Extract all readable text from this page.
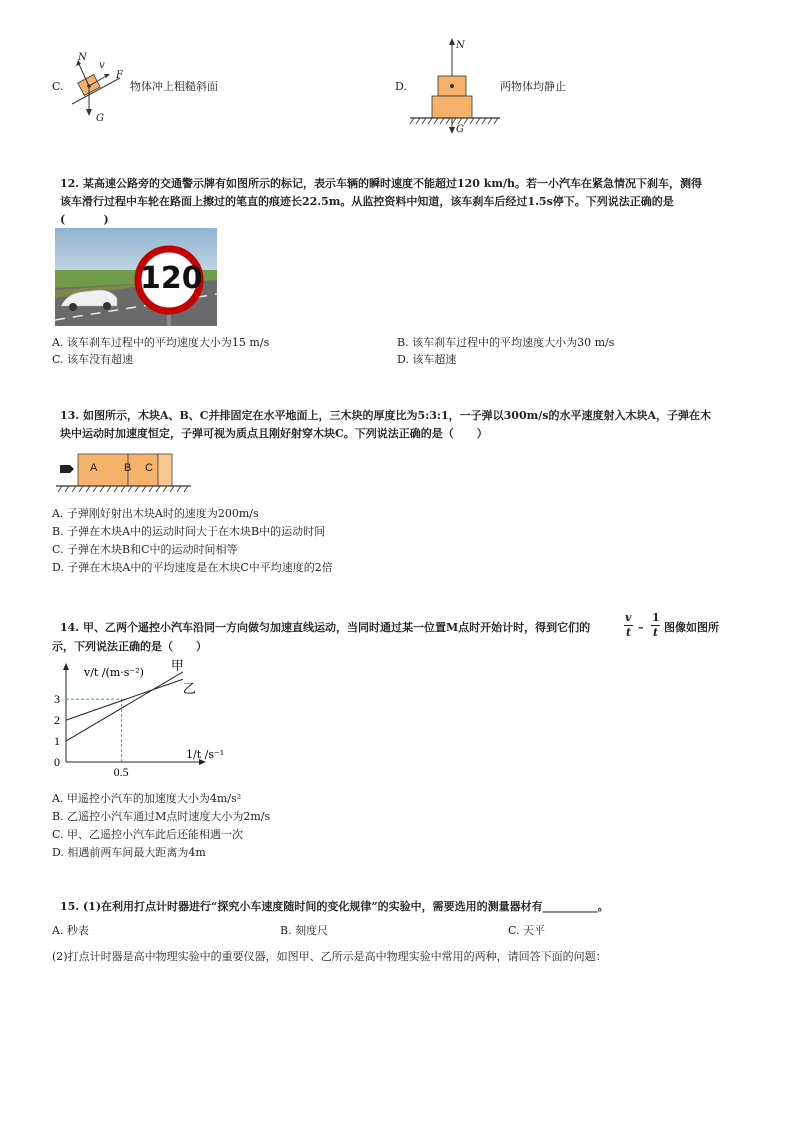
C.
N
v
F
G
物体冲上粗糙斜面	D.
N
G
两物体均静止
12. 某高速公路旁的交通警示牌有如图所示的标记，表示车辆的瞬时速度不能超过120 km/h。若一小汽车在紧急情况下刹车，测得
该车滑行过程中车轮在路面上擦过的笔直的痕迹长22.5m。从监控资料中知道，该车刹车后经过1.5s停下。下列说法正确的是
(          )
120
A. 该车刹车过程中的平均速度大小为15 m/s	B. 该车刹车过程中的平均速度大小为30 m/s
C. 该车没有超速	D. 该车超速
13. 如图所示，木块A、B、C并排固定在水平地面上，三木块的厚度比为5:3:1，一子弹以300m/s的水平速度射入木块A，子弹在木
块中运动时加速度恒定，子弹可视为质点且刚好射穿木块C。下列说法正确的是（      ）
A B C
A. 子弹刚好射出木块A时的速度为200m/s
B. 子弹在木块A中的运动时间大于在木块B中的运动时间
C. 子弹在木块B和C中的运动时间相等
D. 子弹在木块A中的平均速度是在木块C中平均速度的2倍
14. 甲、乙两个遥控小汽车沿同一方向做匀加速直线运动，当同时通过某一位置M点时开始计时，得到它们的
v
t –
1
t 图像如图所
示，下列说法正确的是（      ）
0
1
2
3
0.5
甲
乙
v/t /(m·s⁻²)
1/t /s⁻¹
A. 甲遥控小汽车的加速度大小为4m/s²
B. 乙遥控小汽车通过M点时速度大小为2m/s
C. 甲、乙遥控小汽车此后还能相遇一次
D. 相遇前两车间最大距离为4m
15. (1)在利用打点计时器进行“探究小车速度随时间的变化规律”的实验中，需要选用的测量器材有__________。
A. 秒表	B. 刻度尺	C. 天平
(2)打点计时器是高中物理实验中的重要仪器，如图甲、乙所示是高中物理实验中常用的两种，请回答下面的问题：
